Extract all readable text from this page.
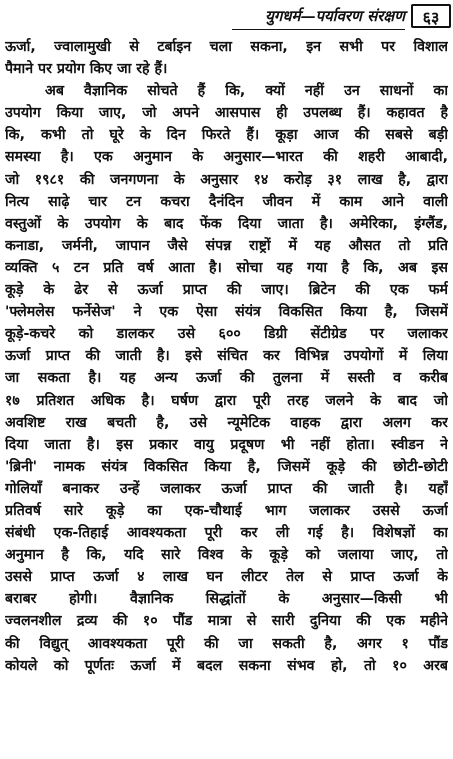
युगधर्म—पर्यावरण संरक्षण	६३
ऊर्जा, ज्वालामुखी से टर्बाइन चला सकना, इन सभी पर विशाल
पैमाने पर प्रयोग किए जा रहे हैं।
अब वैज्ञानिक सोचते हैं कि, क्यों नहीं उन साधनों का
उपयोग किया जाए, जो अपने आसपास ही उपलब्ध हैं। कहावत है
कि, कभी तो घूरे के दिन फिरते हैं। कूड़ा आज की सबसे बड़ी
समस्या है। एक अनुमान के अनुसार—भारत की शहरी आबादी,
जो १९८१ की जनगणना के अनुसार १४ करोड़ ३१ लाख है, द्वारा
नित्य साढ़े चार टन कचरा दैनंदिन जीवन में काम आने वाली
वस्तुओं के उपयोग के बाद फेंक दिया जाता है। अमेरिका, इंग्लैंड,
कनाडा, जर्मनी, जापान जैसे संपन्न राष्ट्रों में यह औसत तो प्रति
व्यक्ति ५ टन प्रति वर्ष आता है। सोचा यह गया है कि, अब इस
कूड़े के ढेर से ऊर्जा प्राप्त की जाए। ब्रिटेन की एक फर्म
'फ्लेमलेस फर्नेसेज' ने एक ऐसा संयंत्र विकसित किया है, जिसमें
कूड़े-कचरे को डालकर उसे ६०० डिग्री सेंटीग्रेड पर जलाकर
ऊर्जा प्राप्त की जाती है। इसे संचित कर विभिन्न उपयोगों में लिया
जा सकता है। यह अन्य ऊर्जा की तुलना में सस्ती व करीब
१७ प्रतिशत अधिक है। घर्षण द्वारा पूरी तरह जलने के बाद जो
अवशिष्ट राख बचती है, उसे न्यूमेटिक वाहक द्वारा अलग कर
दिया जाता है। इस प्रकार वायु प्रदूषण भी नहीं होता। स्वीडन ने
'ब्रिनी' नामक संयंत्र विकसित किया है, जिसमें कूड़े की छोटी-छोटी
गोलियाँ बनाकर उन्हें जलाकर ऊर्जा प्राप्त की जाती है। यहाँ
प्रतिवर्ष सारे कूड़े का एक-चौथाई भाग जलाकर उससे ऊर्जा
संबंधी एक-तिहाई आवश्यकता पूरी कर ली गई है। विशेषज्ञों का
अनुमान है कि, यदि सारे विश्व के कूड़े को जलाया जाए, तो
उससे प्राप्त ऊर्जा ४ लाख घन लीटर तेल से प्राप्त ऊर्जा के
बराबर होगी। वैज्ञानिक सिद्धांतों के अनुसार—किसी भी
ज्वलनशील द्रव्य की १० पौंड मात्रा से सारी दुनिया की एक महीने
की विद्युत् आवश्यकता पूरी की जा सकती है, अगर १ पौंड
कोयले को पूर्णतः ऊर्जा में बदल सकना संभव हो, तो १० अरब
